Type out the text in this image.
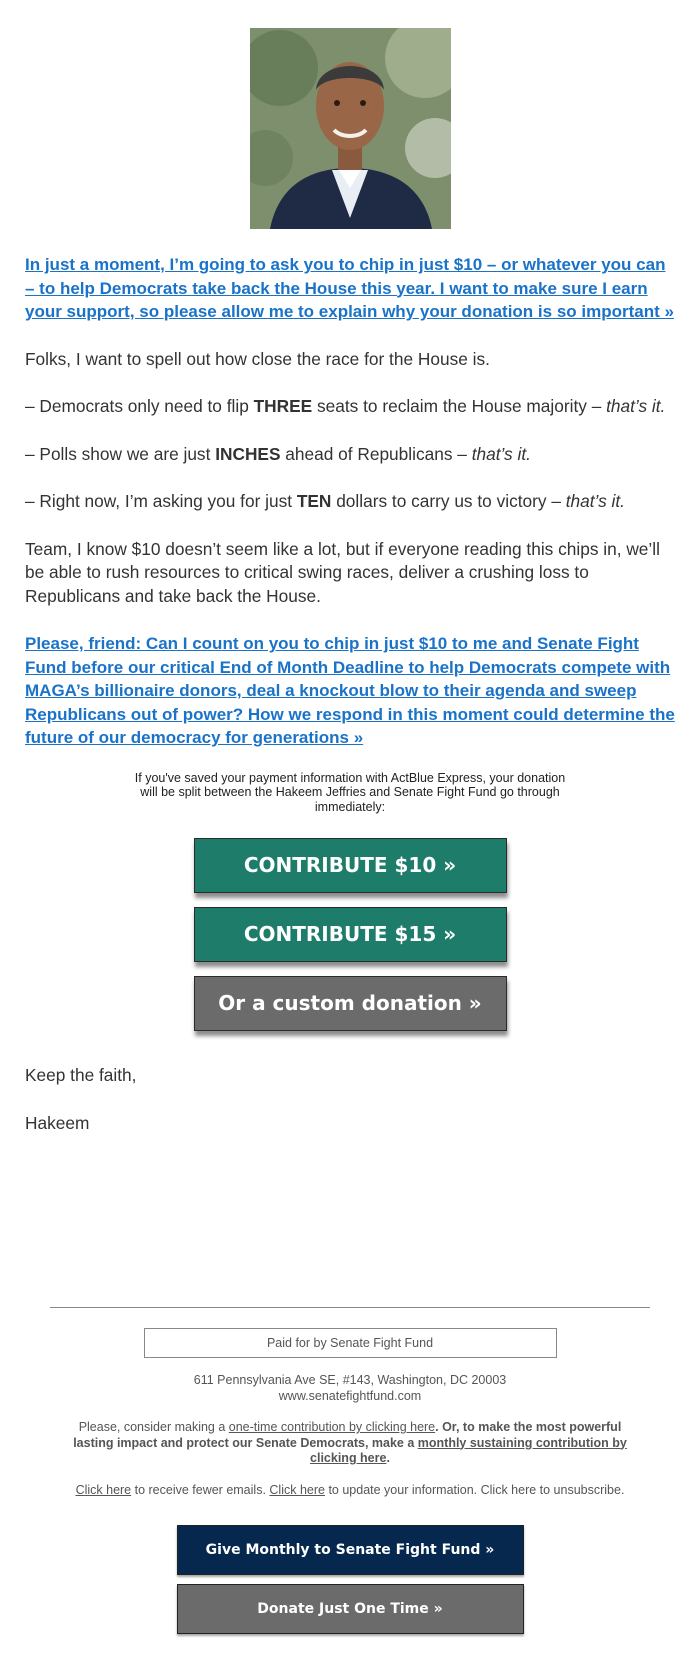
In just a moment, I’m going to ask you to chip in just $10 – or whatever you can – to help Democrats take back the House this year. I want to make sure I earn your support, so please allow me to explain why your donation is so important »

Folks, I want to spell out how close the race for the House is.

– Democrats only need to flip THREE seats to reclaim the House majority – that’s it.

– Polls show we are just INCHES ahead of Republicans – that’s it.

– Right now, I’m asking you for just TEN dollars to carry us to victory – that’s it.

Team, I know $10 doesn’t seem like a lot, but if everyone reading this chips in, we’ll be able to rush resources to critical swing races, deliver a crushing loss to Republicans and take back the House.

Please, friend: Can I count on you to chip in just $10 to me and Senate Fight Fund before our critical End of Month Deadline to help Democrats compete with MAGA’s billionaire donors, deal a knockout blow to their agenda and sweep Republicans out of power? How we respond in this moment could determine the future of our democracy for generations »
If you've saved your payment information with ActBlue Express, your donation will be split between the Hakeem Jeffries and Senate Fight Fund go through immediately:
CONTRIBUTE $10 »
CONTRIBUTE $15 »
Or a custom donation »
Keep the faith,
Hakeem
Paid for by Senate Fight Fund
611 Pennsylvania Ave SE, #143, Washington, DC 20003
www.senatefightfund.com
Please, consider making a one-time contribution by clicking here. Or, to make the most powerful lasting impact and protect our Senate Democrats, make a monthly sustaining contribution by clicking here.
Click here to receive fewer emails. Click here to update your information. Click here to unsubscribe.
Give Monthly to Senate Fight Fund »
Donate Just One Time »
